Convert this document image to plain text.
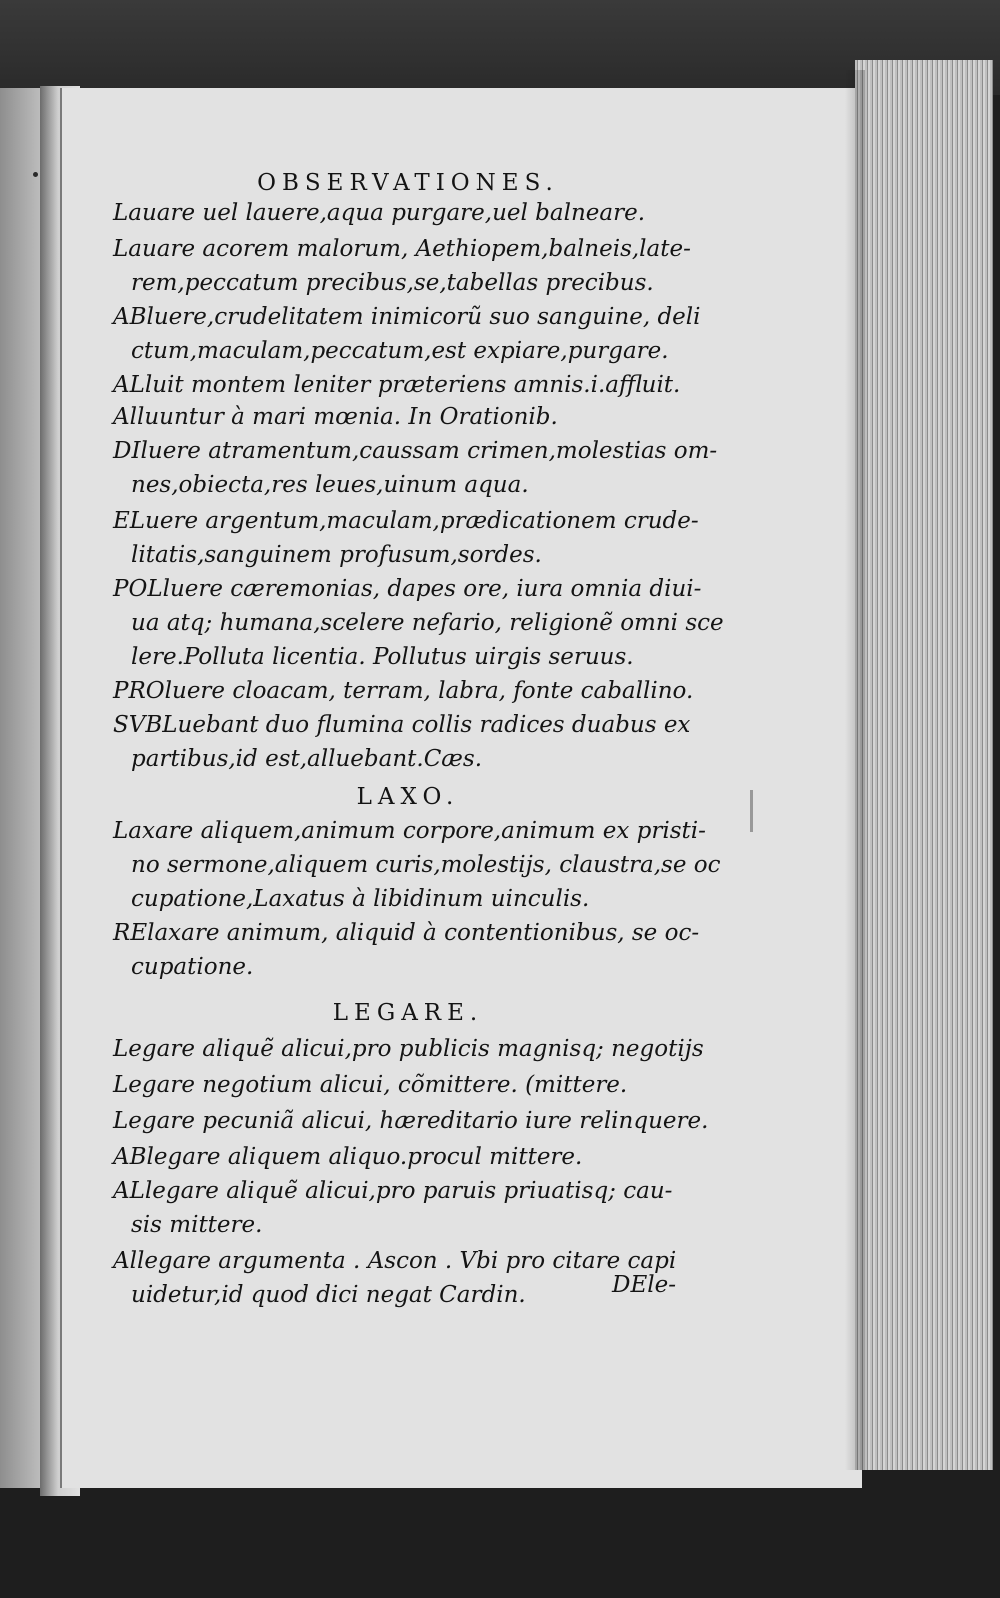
OBSERVATIONES.
Lauare uel lauere,aqua purgare,uel balneare.
Lauare acorem malorum, Aethiopem,balneis,late-
rem,peccatum precibus,se,tabellas precibus.
ABluere,crudelitatem inimicorũ suo sanguine, deli
ctum,maculam,peccatum,est expiare,purgare.
ALluit montem leniter præteriens amnis.i.affluit.
Alluuntur à mari mœnia. In Orationib.
DIluere atramentum,caussam crimen,molestias om-
nes,obiecta,res leues,uinum aqua.
ELuere argentum,maculam,prædicationem crude-
litatis,sanguinem profusum,sordes.
POLluere cæremonias, dapes ore, iura omnia diui-
ua atq; humana,scelere nefario, religionẽ omni sce
lere.Polluta licentia. Pollutus uirgis seruus.
PROluere cloacam, terram, labra, fonte caballino.
SVBLuebant duo flumina collis radices duabus ex
partibus,id est,alluebant.Cæs.
LAXO.
Laxare aliquem,animum corpore,animum ex pristi-
no sermone,aliquem curis,molestijs, claustra,se oc
cupatione,Laxatus à libidinum uinculis.
RElaxare animum, aliquid à contentionibus, se oc-
cupatione.
LEGARE.
Legare aliquẽ alicui,pro publicis magnisq; negotijs
Legare negotium alicui, cõmittere. (mittere.
Legare pecuniã alicui, hæreditario iure relinquere.
ABlegare aliquem aliquo.procul mittere.
ALlegare aliquẽ alicui,pro paruis priuatisq; cau-
sis mittere.
Allegare argumenta . Ascon . Vbi pro citare capi
uidetur,id quod dici negat Cardin.	DEle-
